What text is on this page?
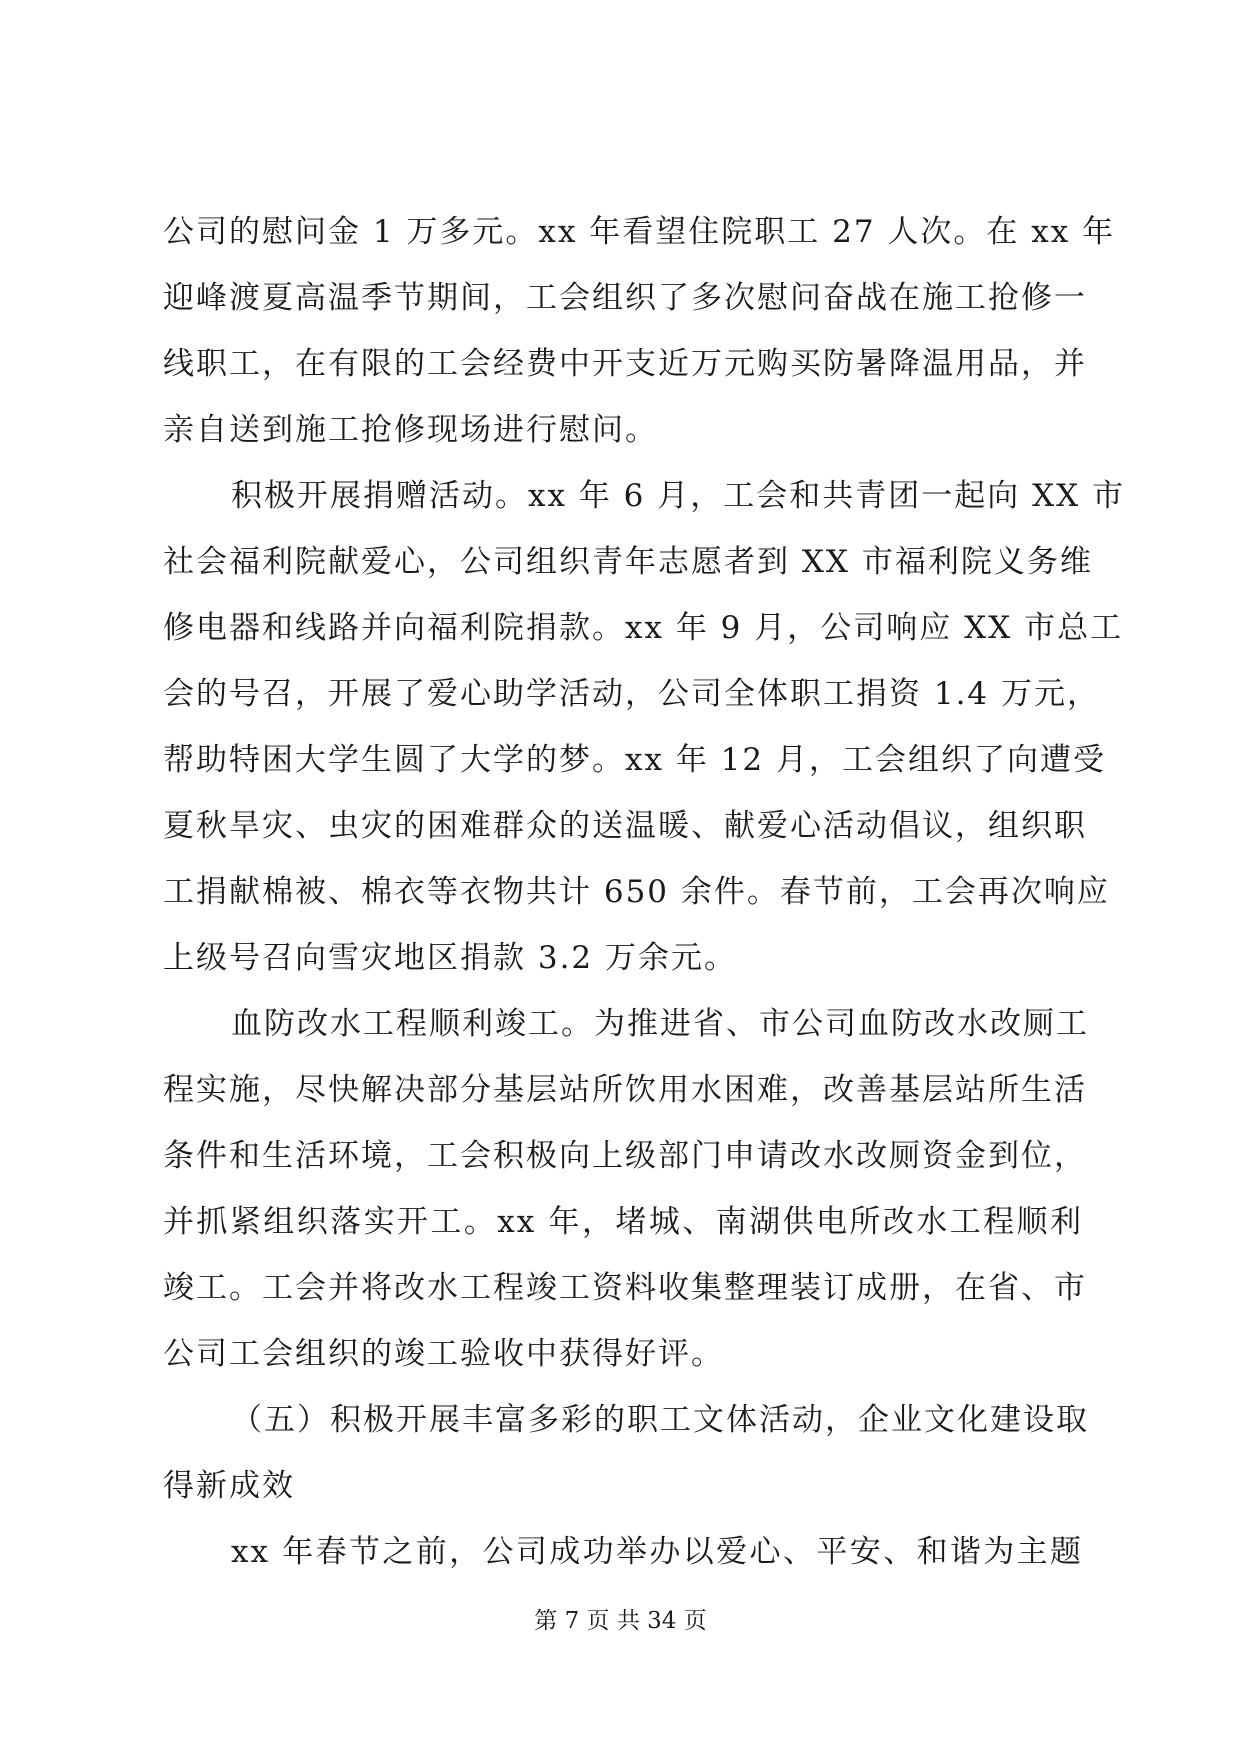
公司的慰问金 1 万多元。xx 年看望住院职工 27 人次。在 xx 年
迎峰渡夏高温季节期间，工会组织了多次慰问奋战在施工抢修一
线职工，在有限的工会经费中开支近万元购买防暑降温用品，并
亲自送到施工抢修现场进行慰问。
积极开展捐赠活动。xx 年 6 月，工会和共青团一起向 XX 市
社会福利院献爱心，公司组织青年志愿者到 XX 市福利院义务维
修电器和线路并向福利院捐款。xx 年 9 月，公司响应 XX 市总工
会的号召，开展了爱心助学活动，公司全体职工捐资 1.4 万元，
帮助特困大学生圆了大学的梦。xx 年 12 月，工会组织了向遭受
夏秋旱灾、虫灾的困难群众的送温暖、献爱心活动倡议，组织职
工捐献棉被、棉衣等衣物共计 650 余件。春节前，工会再次响应
上级号召向雪灾地区捐款 3.2 万余元。
血防改水工程顺利竣工。为推进省、市公司血防改水改厕工
程实施，尽快解决部分基层站所饮用水困难，改善基层站所生活
条件和生活环境，工会积极向上级部门申请改水改厕资金到位，
并抓紧组织落实开工。xx 年，堵城、南湖供电所改水工程顺利
竣工。工会并将改水工程竣工资料收集整理装订成册，在省、市
公司工会组织的竣工验收中获得好评。
（五）积极开展丰富多彩的职工文体活动，企业文化建设取
得新成效
xx 年春节之前，公司成功举办以爱心、平安、和谐为主题
第 7 页 共 34 页
